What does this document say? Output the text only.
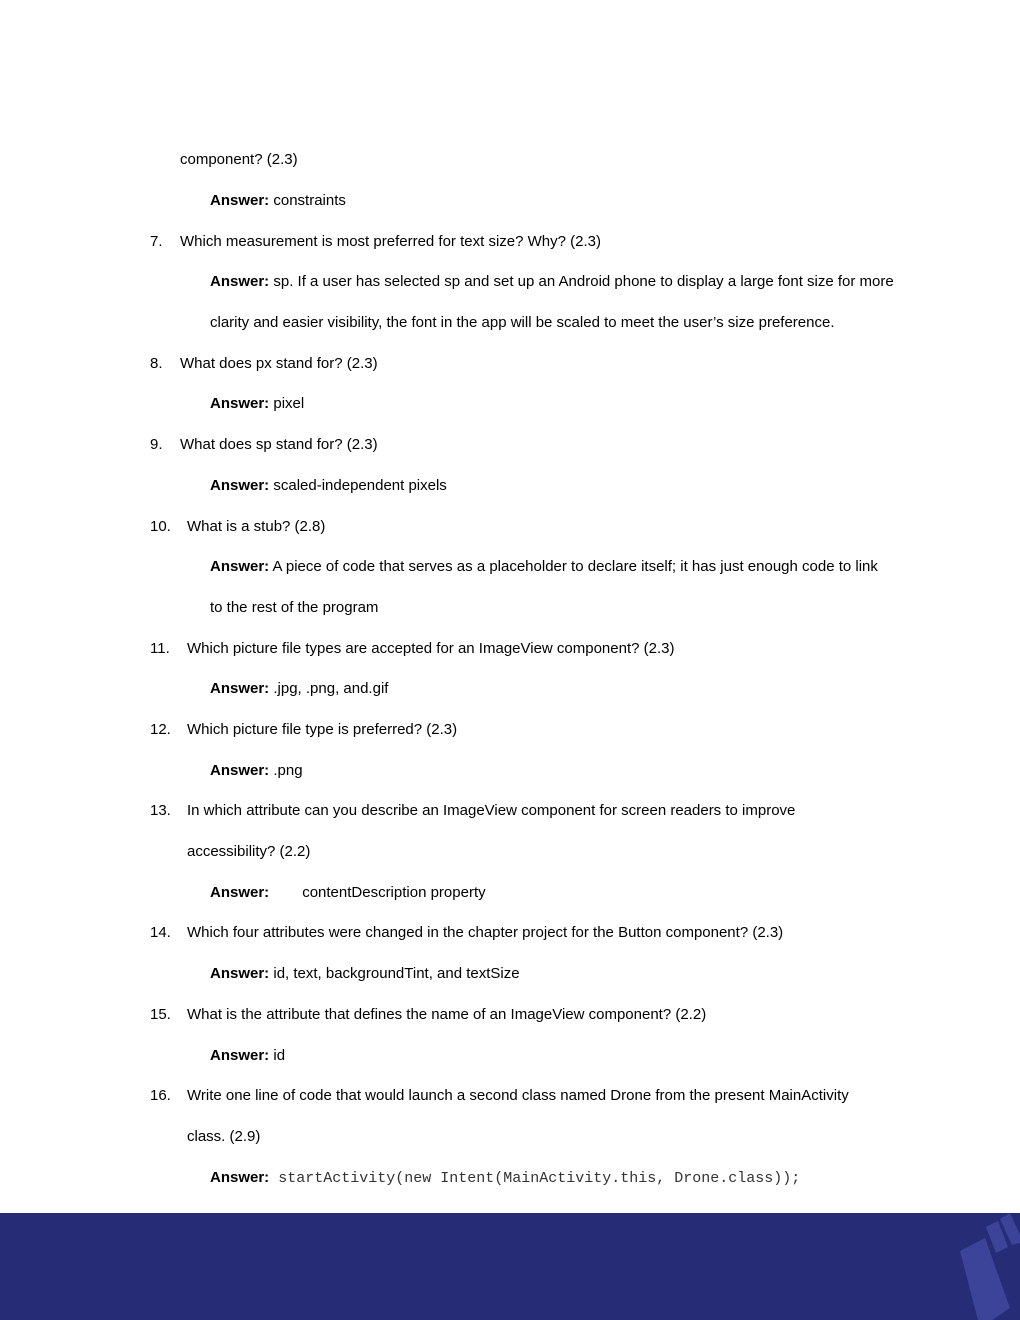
component? (2.3)
Answer: constraints
7. Which measurement is most preferred for text size? Why? (2.3)
Answer: sp. If a user has selected sp and set up an Android phone to display a large font size for more
clarity and easier visibility, the font in the app will be scaled to meet the user’s size preference.
8. What does px stand for? (2.3)
Answer: pixel
9. What does sp stand for? (2.3)
Answer: scaled-independent pixels
10. What is a stub? (2.8)
Answer: A piece of code that serves as a placeholder to declare itself; it has just enough code to link
to the rest of the program
11. Which picture file types are accepted for an ImageView component? (2.3)
Answer: .jpg, .png, and.gif
12. Which picture file type is preferred? (2.3)
Answer: .png
13. In which attribute can you describe an ImageView component for screen readers to improve
accessibility? (2.2)
Answer: contentDescription property
14. Which four attributes were changed in the chapter project for the Button component? (2.3)
Answer: id, text, backgroundTint, and textSize
15. What is the attribute that defines the name of an ImageView component? (2.2)
Answer: id
16. Write one line of code that would launch a second class named Drone from the present MainActivity
class. (2.9)
Answer: startActivity(new Intent(MainActivity.this, Drone.class));
